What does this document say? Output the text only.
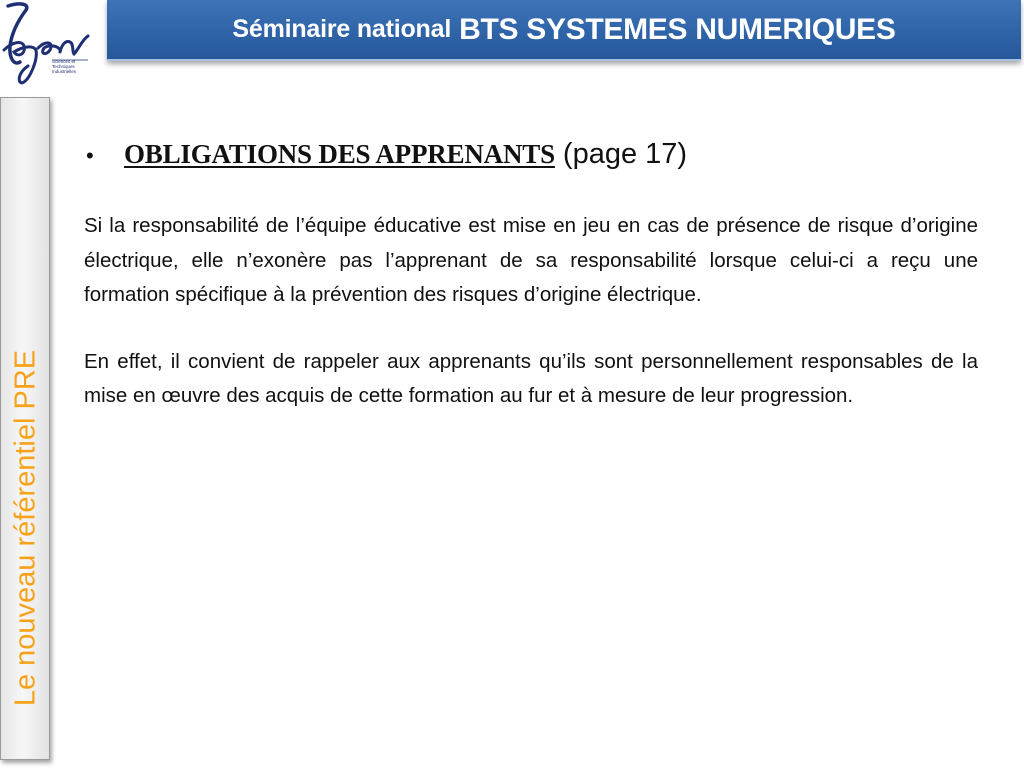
Sciences et Techniques Industrielles
Séminaire national BTS SYSTEMES NUMERIQUES
Le nouveau référentiel PRE
•	OBLIGATIONS DES APPRENANTS (page 17)

Si la responsabilité de l’équipe éducative est mise en jeu en cas de présence de risque d’origine électrique, elle n’exonère pas l’apprenant de sa responsabilité lorsque celui-ci a reçu une formation spécifique à la prévention des risques d’origine électrique.

En effet, il convient de rappeler aux apprenants qu’ils sont personnellement responsables de la mise en œuvre des acquis de cette formation au fur et à mesure de leur progression.
